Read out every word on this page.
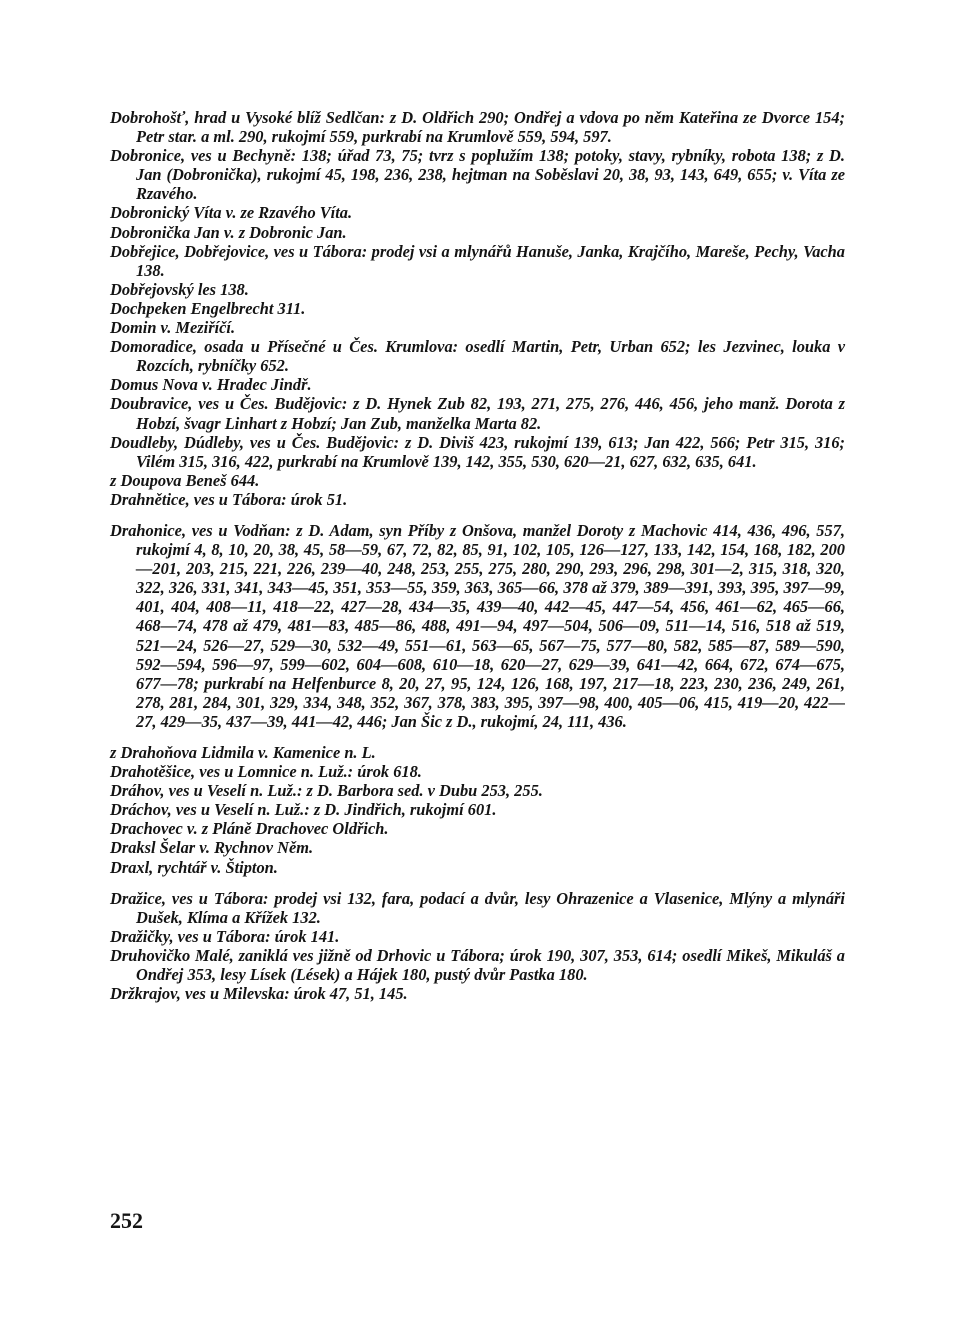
Dobrohošť, hrad u Vysoké blíž Sedlčan: z D. Oldřich 290; Ondřej a vdova po něm Kateřina ze Dvorce 154; Petr star. a ml. 290, rukojmí 559, purkrabí na Krumlově 559, 594, 597.
Dobronice, ves u Bechyně: 138; úřad 73, 75; tvrz s poplužím 138; potoky, stavy, rybníky, robota 138; z D. Jan (Dobronička), rukojmí 45, 198, 236, 238, hejtman na Soběslavi 20, 38, 93, 143, 649, 655; v. Víta ze Rzavého.
Dobronický Víta v. ze Rzavého Víta.
Dobronička Jan v. z Dobronic Jan.
Dobřejice, Dobřejovice, ves u Tábora: prodej vsi a mlynářů Hanuše, Janka, Krajčího, Mareše, Pechy, Vacha 138.
Dobřejovský les 138.
Dochpeken Engelbrecht 311.
Domin v. Meziříčí.
Domoradice, osada u Přísečné u Čes. Krumlova: osedlí Martin, Petr, Urban 652; les Jezvinec, louka v Rozcích, rybníčky 652.
Domus Nova v. Hradec Jindř.
Doubravice, ves u Čes. Budějovic: z D. Hynek Zub 82, 193, 271, 275, 276, 446, 456, jeho manž. Dorota z Hobzí, švagr Linhart z Hobzí; Jan Zub, manželka Marta 82.
Doudleby, Dúdleby, ves u Čes. Budějovic: z D. Diviš 423, rukojmí 139, 613; Jan 422, 566; Petr 315, 316; Vilém 315, 316, 422, purkrabí na Krumlově 139, 142, 355, 530, 620—21, 627, 632, 635, 641.
z Doupova Beneš 644.
Drahnětice, ves u Tábora: úrok 51.
Drahonice, ves u Vodňan: z D. Adam, syn Příby z Onšova, manžel Doroty z Machovic 414, 436, 496, 557, rukojmí 4, 8, 10, 20, 38, 45, 58—59, 67, 72, 82, 85, 91, 102, 105, 126—127, 133, 142, 154, 168, 182, 200—201, 203, 215, 221, 226, 239—40, 248, 253, 255, 275, 280, 290, 293, 296, 298, 301—2, 315, 318, 320, 322, 326, 331, 341, 343—45, 351, 353—55, 359, 363, 365—66, 378 až 379, 389—391, 393, 395, 397—99, 401, 404, 408—11, 418—22, 427—28, 434—35, 439—40, 442—45, 447—54, 456, 461—62, 465—66, 468—74, 478 až 479, 481—83, 485—86, 488, 491—94, 497—504, 506—09, 511—14, 516, 518 až 519, 521—24, 526—27, 529—30, 532—49, 551—61, 563—65, 567—75, 577—80, 582, 585—87, 589—590, 592—594, 596—97, 599—602, 604—608, 610—18, 620—27, 629—39, 641—42, 664, 672, 674—675, 677—78; purkrabí na Helfenburce 8, 20, 27, 95, 124, 126, 168, 197, 217—18, 223, 230, 236, 249, 261, 278, 281, 284, 301, 329, 334, 348, 352, 367, 378, 383, 395, 397—98, 400, 405—06, 415, 419—20, 422—27, 429—35, 437—39, 441—42, 446; Jan Šic z D., rukojmí, 24, 111, 436.
z Drahoňova Lidmila v. Kamenice n. L.
Drahotěšice, ves u Lomnice n. Luž.: úrok 618.
Dráhov, ves u Veselí n. Luž.: z D. Barbora sed. v Dubu 253, 255.
Dráchov, ves u Veselí n. Luž.: z D. Jindřich, rukojmí 601.
Drachovec v. z Pláně Drachovec Oldřich.
Draksl Šelar v. Rychnov Něm.
Draxl, rychtář v. Štipton.
Dražice, ves u Tábora: prodej vsi 132, fara, podací a dvůr, lesy Ohrazenice a Vlasenice, Mlýny a mlynáři Dušek, Klíma a Křížek 132.
Dražičky, ves u Tábora: úrok 141.
Druhovičko Malé, zaniklá ves jižně od Drhovic u Tábora; úrok 190, 307, 353, 614; osedlí Mikeš, Mikuláš a Ondřej 353, lesy Lísek (Lések) a Hájek 180, pustý dvůr Pastka 180.
Držkrajov, ves u Milevska: úrok 47, 51, 145.
252
